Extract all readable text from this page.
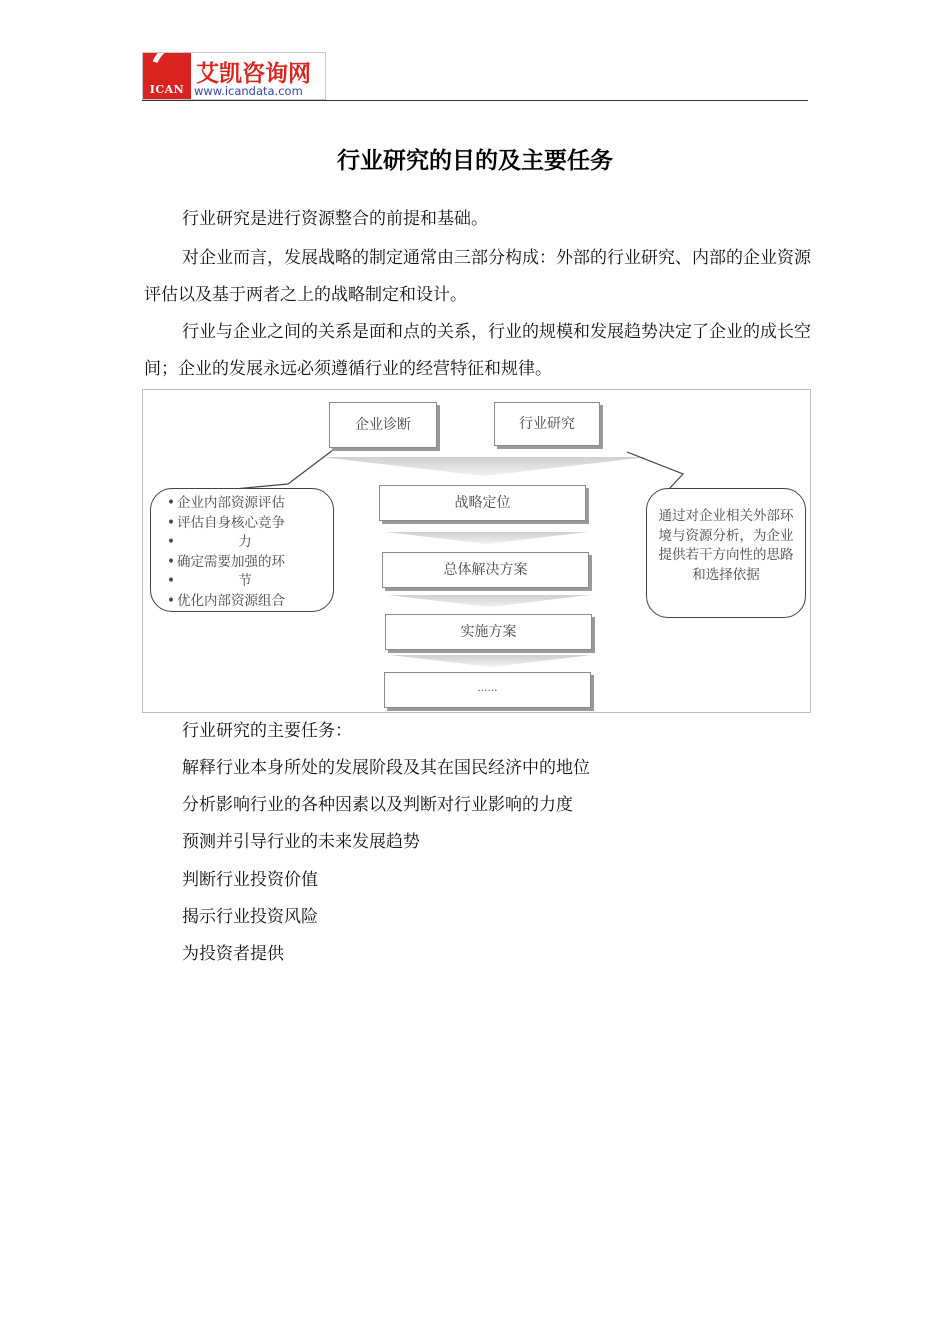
ICAN
艾凯咨询网
www.icandata.com
行业研究的目的及主要任务

行业研究是进行资源整合的前提和基础。

对企业而言，发展战略的制定通常由三部分构成：外部的行业研究、内部的企业资源评估以及基于两者之上的战略制定和设计。

行业与企业之间的关系是面和点的关系，行业的规模和发展趋势决定了企业的成长空间；企业的发展永远必须遵循行业的经营特征和规律。

企业诊断	行业研究
战略定位
总体解决方案
实施方案
……
• 企业内部资源评估
• 评估自身核心竞争
• 力
• 确定需要加强的环
• 节
• 优化内部资源组合
通过对企业相关外部环境与资源分析，为企业提供若干方向性的思路和选择依据
行业研究的主要任务：
解释行业本身所处的发展阶段及其在国民经济中的地位
分析影响行业的各种因素以及判断对行业影响的力度
预测并引导行业的未来发展趋势
判断行业投资价值
揭示行业投资风险
为投资者提供
